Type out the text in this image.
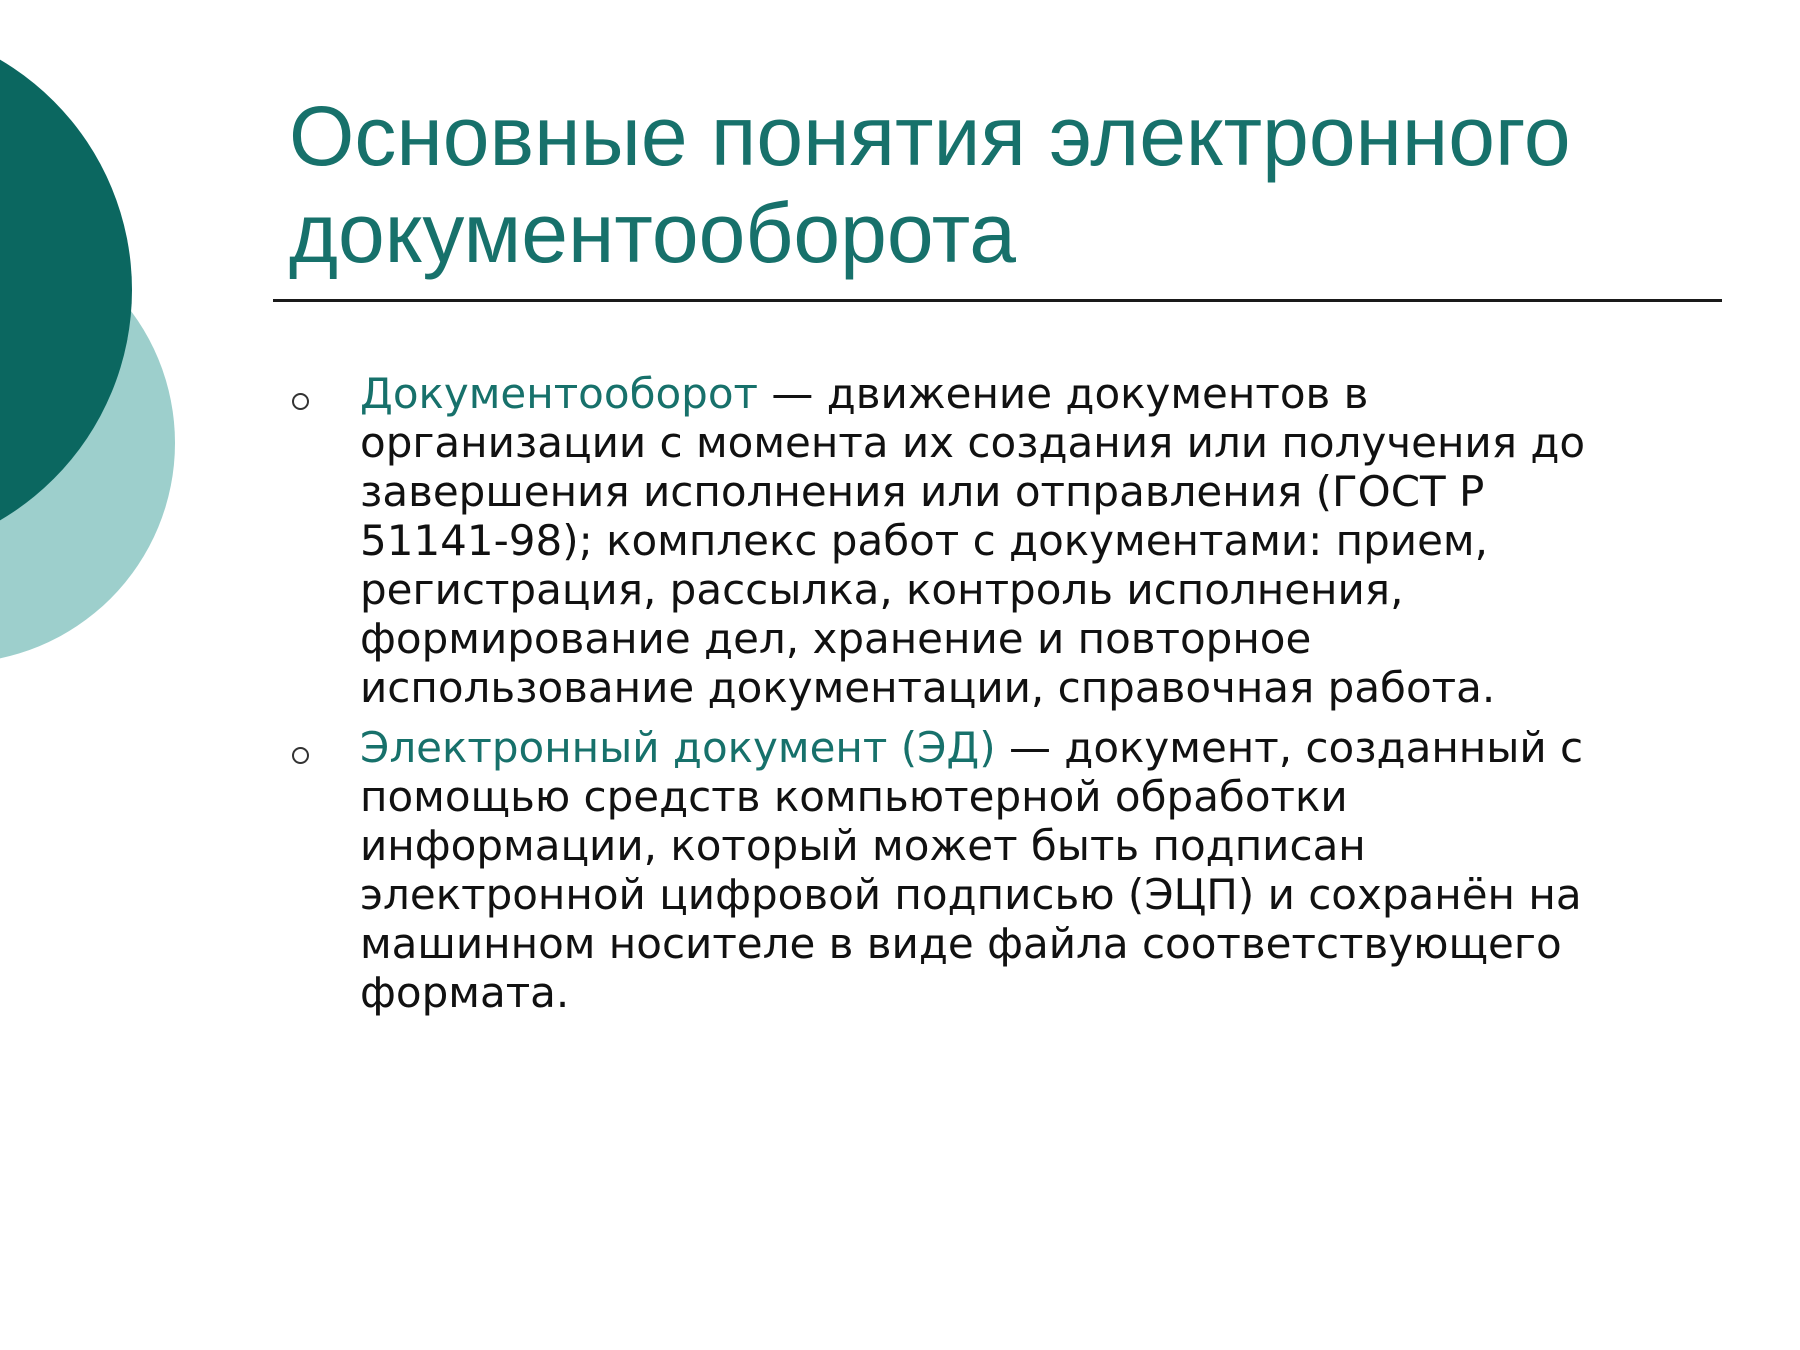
Основные понятия электронного
документооборота
Документооборот — движение документов в
организации с момента их создания или получения до
завершения исполнения или отправления (ГОСТ Р
51141-98); комплекс работ с документами: прием,
регистрация, рассылка, контроль исполнения,
формирование дел, хранение и повторное
использование документации, справочная работа.
Электронный документ (ЭД) — документ, созданный с
помощью средств компьютерной обработки
информации, который может быть подписан
электронной цифровой подписью (ЭЦП) и сохранён на
машинном носителе в виде файла соответствующего
формата.
